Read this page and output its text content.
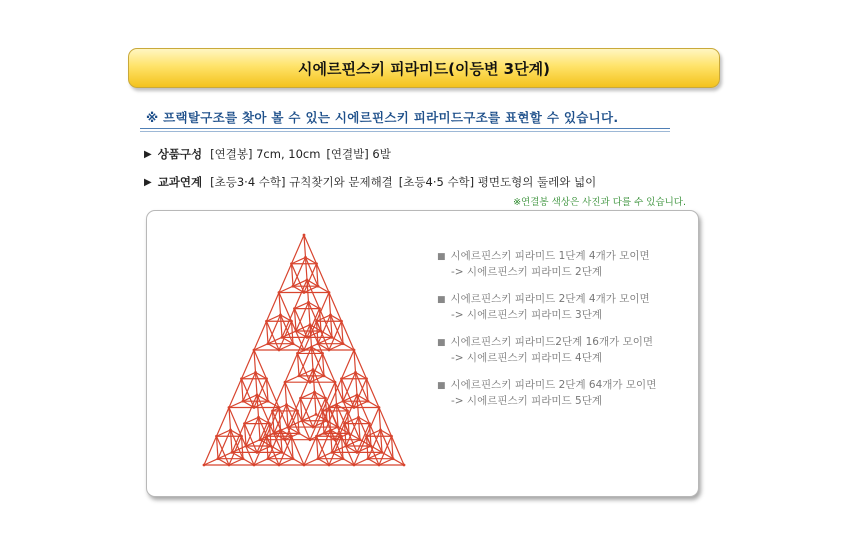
시에르핀스키 피라미드(이등변 3단계)
※ 프랙탈구조를 찾아 볼 수 있는 시에르핀스키 피라미드구조를 표현할 수 있습니다.
▶ 상품구성 [연결봉] 7cm, 10cm [연결발] 6발
▶ 교과연계 [초등3·4 수학] 규칙찾기와 문제해결 [초등4·5 수학] 평면도형의 둘레와 넓이
※연결봉 색상은 사진과 다를 수 있습니다.
■ 시에르핀스키 피라미드 1단계 4개가 모이면
-> 시에르핀스키 피라미드 2단계
■ 시에르핀스키 피라미드 2단계 4개가 모이면
-> 시에르핀스키 피라미드 3단계
■ 시에르핀스키 피라미드2단계 16개가 모이면
-> 시에르핀스키 피라미드 4단계
■ 시에르핀스키 피라미드 2단계 64개가 모이면
-> 시에르핀스키 피라미드 5단계
